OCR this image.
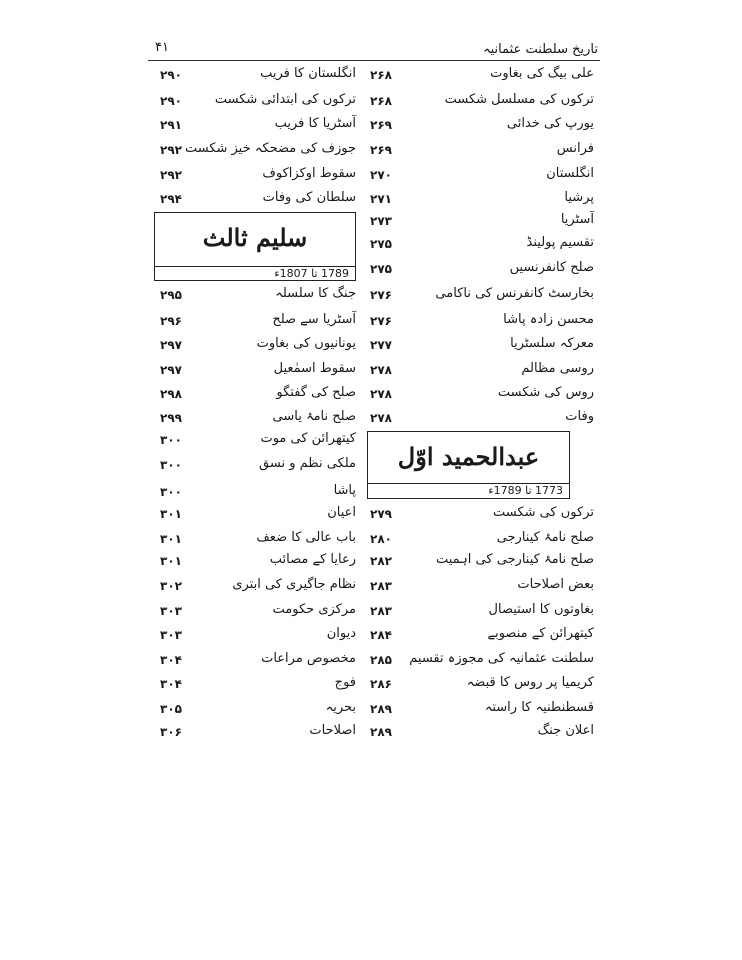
تاریخ سلطنت عثمانیہ
۴۱
علی بیگ کی بغاوت
۲۶۸
ترکوں کی مسلسل شکست
۲۶۸
یورپ کی خدائی
۲۶۹
فرانس
۲۶۹
انگلستان
۲۷۰
پرشیا
۲۷۱
آسٹریا
۲۷۳
تقسیم پولینڈ
۲۷۵
صلح کانفرنسیں
۲۷۵
بخارسٹ کانفرنس کی ناکامی
۲۷۶
محسن زادہ پاشا
۲۷۶
معرکہ سلسٹریا
۲۷۷
روسی مظالم
۲۷۸
روس کی شکست
۲۷۸
وفات
۲۷۸
ترکوں کی شکست
۲۷۹
صلح نامۂ کینارجی
۲۸۰
صلح نامۂ کینارجی کی اہمیت
۲۸۲
بعض اصلاحات
۲۸۳
بغاوتوں کا استیصال
۲۸۳
کیتھرائن کے منصوبے
۲۸۴
سلطنت عثمانیہ کی مجوزہ تقسیم
۲۸۵
کریمیا پر روس کا قبضہ
۲۸۶
قسطنطنیہ کا راستہ
۲۸۹
اعلان جنگ
۲۸۹
انگلستان کا فریب
۲۹۰
ترکوں کی ابتدائی شکست
۲۹۰
آسٹریا کا فریب
۲۹۱
جوزف کی مضحکہ خیز شکست
۲۹۲
سقوط اوکزاکوف
۲۹۲
سلطان کی وفات
۲۹۴
جنگ کا سلسلہ
۲۹۵
آسٹریا سے صلح
۲۹۶
یونانیوں کی بغاوت
۲۹۷
سقوط اسمٰعیل
۲۹۷
صلح کی گفتگو
۲۹۸
صلح نامۂ یاسی
۲۹۹
کیتھرائن کی موت
۳۰۰
ملکی نظم و نسق
۳۰۰
پاشا
۳۰۰
اعیان
۳۰۱
باب عالی کا ضعف
۳۰۱
رعایا کے مصائب
۳۰۱
نظام جاگیری کی ابتری
۳۰۲
مرکزی حکومت
۳۰۳
دیوان
۳۰۳
مخصوص مراعات
۳۰۴
فوج
۳۰۴
بحریہ
۳۰۵
اصلاحات
۳۰۶
سلیم ثالث
1789 تا 1807ء
عبدالحمید اوّل
1773 تا 1789ء
